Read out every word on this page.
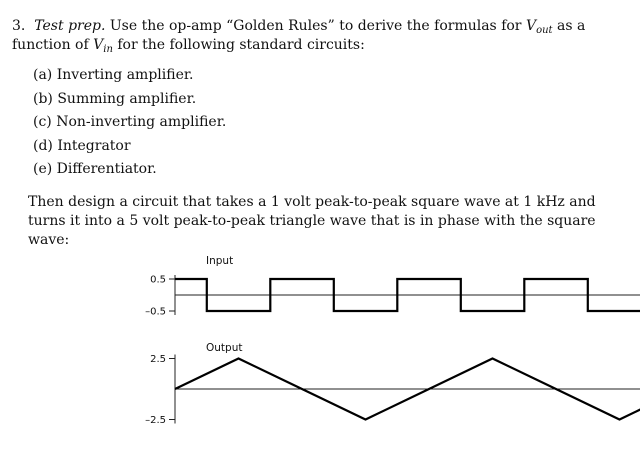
3. Test prep. Use the op-amp “Golden Rules” to derive the formulas for $V_{out}$ as a function of $V_{in}$ for the following standard circuits:
(a) Inverting amplifier.
(b) Summing amplifier.
(c) Non-inverting amplifier.
(d) Integrator
(e) Differentiator.
Then design a circuit that takes a 1 volt peak-to-peak square wave at 1 kHz and turns it into a 5 volt peak-to-peak triangle wave that is in phase with the square wave:
0.5
–0.5
Input
2.5
–2.5
Output
